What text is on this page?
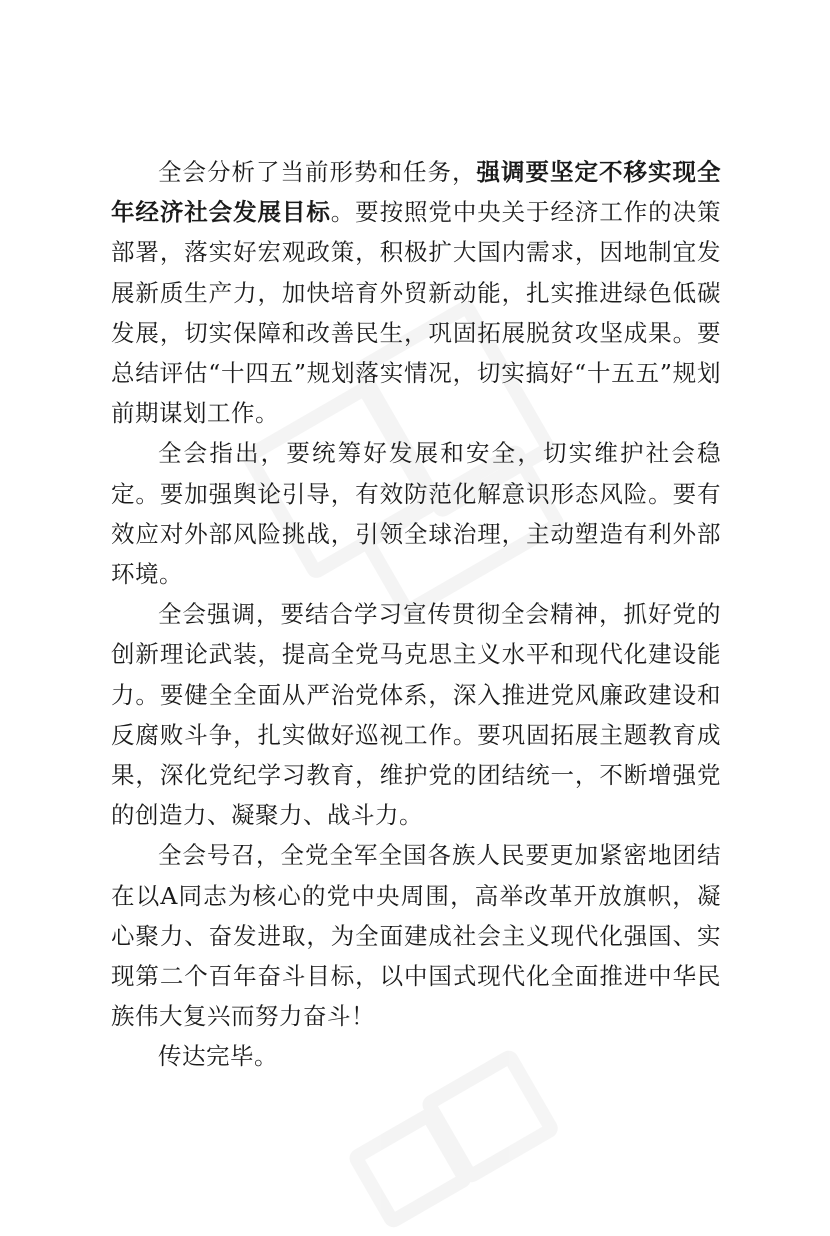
全会分析了当前形势和任务，强调要坚定不移实现全年经济社会发展目标。要按照党中央关于经济工作的决策部署，落实好宏观政策，积极扩大国内需求，因地制宜发展新质生产力，加快培育外贸新动能，扎实推进绿色低碳发展，切实保障和改善民生，巩固拓展脱贫攻坚成果。要总结评估“十四五”规划落实情况，切实搞好“十五五”规划前期谋划工作。

全会指出，要统筹好发展和安全，切实维护社会稳定。要加强舆论引导，有效防范化解意识形态风险。要有效应对外部风险挑战，引领全球治理，主动塑造有利外部环境。

全会强调，要结合学习宣传贯彻全会精神，抓好党的创新理论武装，提高全党马克思主义水平和现代化建设能力。要健全全面从严治党体系，深入推进党风廉政建设和反腐败斗争，扎实做好巡视工作。要巩固拓展主题教育成果，深化党纪学习教育，维护党的团结统一，不断增强党的创造力、凝聚力、战斗力。

全会号召，全党全军全国各族人民要更加紧密地团结在以A同志为核心的党中央周围，高举改革开放旗帜，凝心聚力、奋发进取，为全面建成社会主义现代化强国、实现第二个百年奋斗目标，以中国式现代化全面推进中华民族伟大复兴而努力奋斗！

传达完毕。
